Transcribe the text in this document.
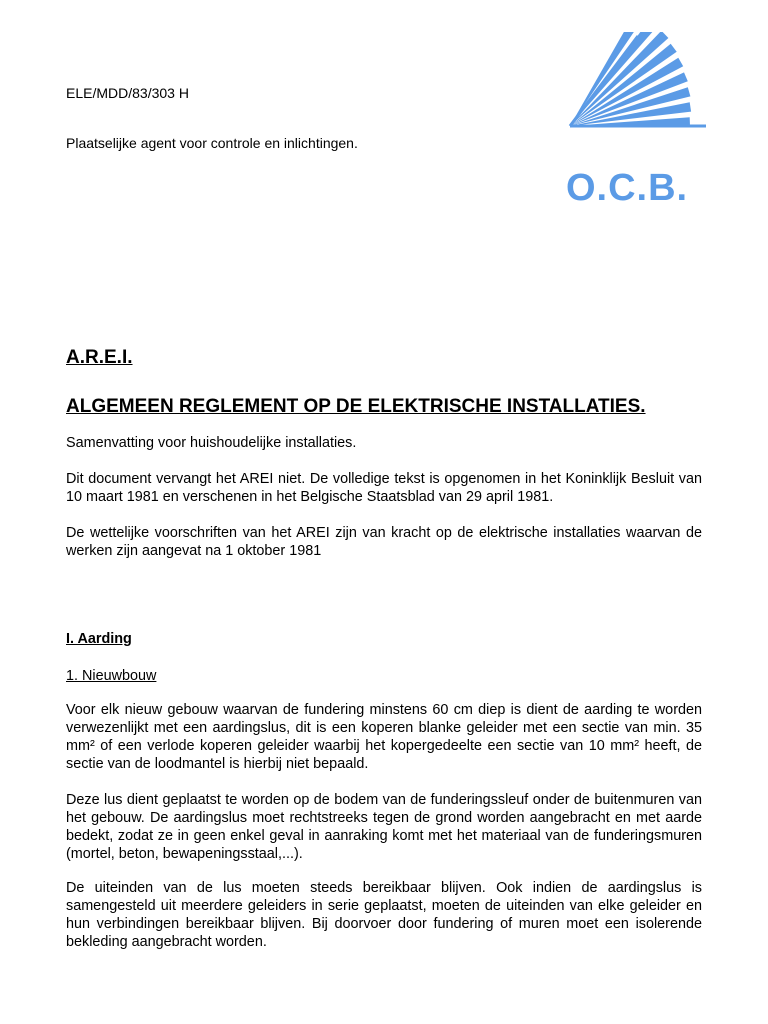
ELE/MDD/83/303 H
Plaatselijke agent voor controle en inlichtingen.
O.C.B.
A.R.E.I.
ALGEMEEN REGLEMENT OP DE ELEKTRISCHE INSTALLATIES.
Samenvatting voor huishoudelijke installaties.
Dit document vervangt het AREI niet. De volledige tekst is opgenomen in het Koninklijk Besluit van 10 maart 1981 en verschenen in het Belgische Staatsblad van 29 april 1981.
De wettelijke voorschriften van het AREI zijn van kracht op de elektrische installaties waarvan de werken zijn aangevat na 1 oktober 1981
I. Aarding
1. Nieuwbouw
Voor elk nieuw gebouw waarvan de fundering minstens 60 cm diep is dient de aarding te worden verwezenlijkt met een aardingslus, dit is een koperen blanke geleider met een sectie van min. 35 mm² of een verlode koperen geleider waarbij het kopergedeelte een sectie van 10 mm² heeft, de sectie van de loodmantel is hierbij niet bepaald.
Deze lus dient geplaatst te worden op de bodem van de funderingssleuf onder de buitenmuren van het gebouw. De aardingslus moet rechtstreeks tegen de grond worden aangebracht en met aarde bedekt, zodat ze in geen enkel geval in aanraking komt met het materiaal van de funderingsmuren (mortel, beton, bewapeningsstaal,...).
De uiteinden van de lus moeten steeds bereikbaar blijven. Ook indien de aardingslus is samengesteld uit meerdere geleiders in serie geplaatst, moeten de uiteinden van elke geleider en hun verbindingen bereikbaar blijven. Bij doorvoer door fundering of muren moet een isolerende bekleding aangebracht worden.
